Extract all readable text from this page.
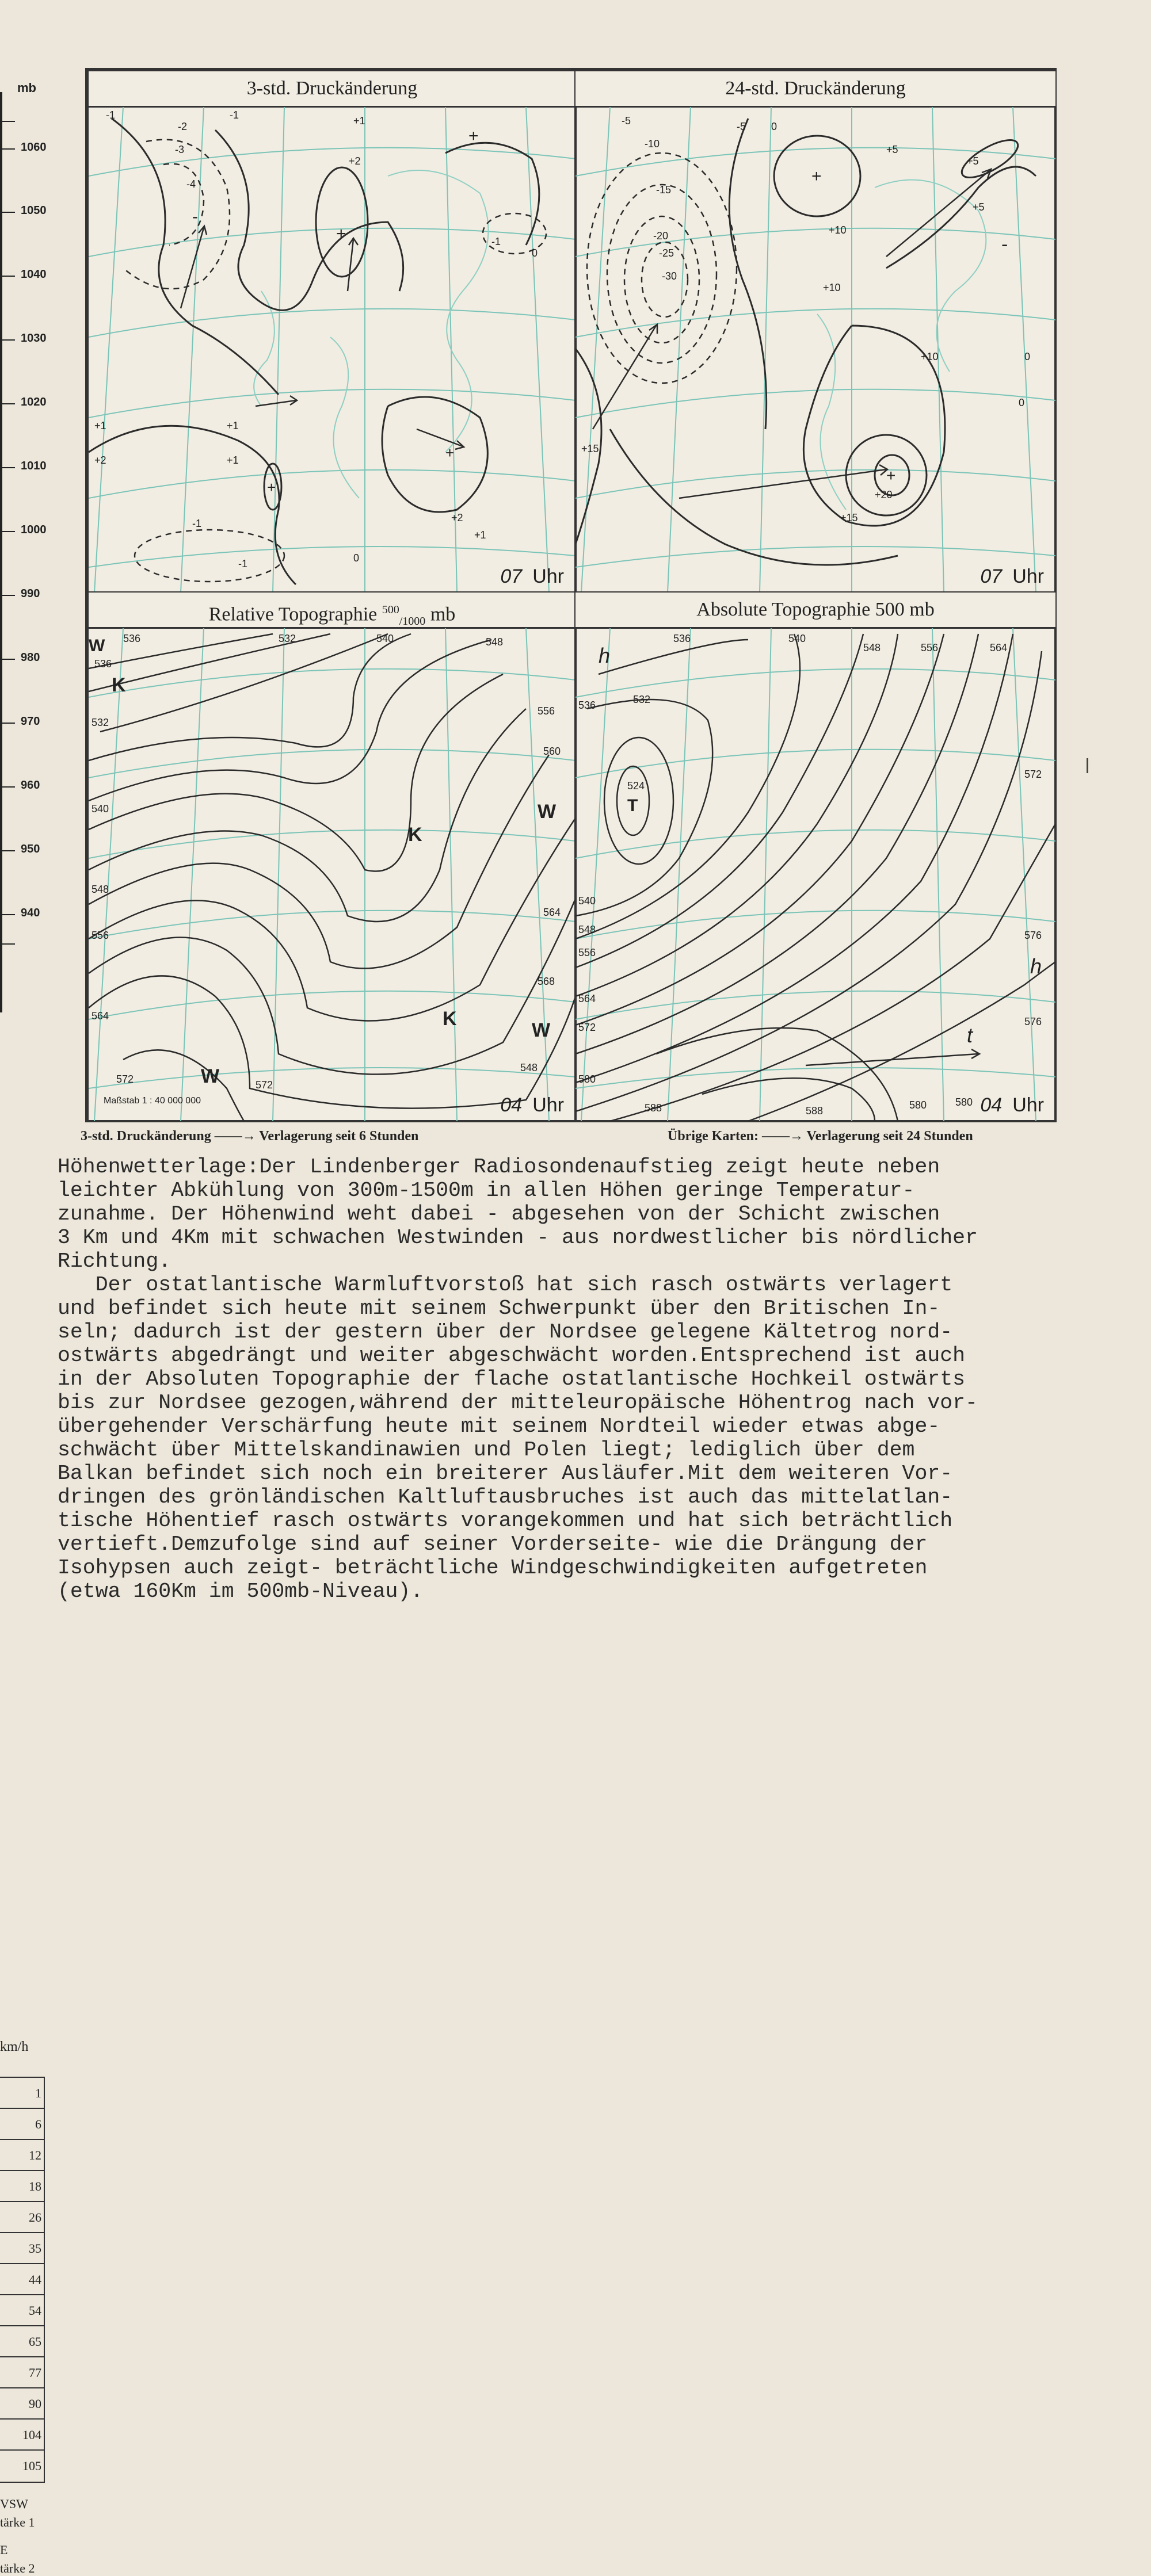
mb
1060
1050
1040
1030
1020
1010
1000
990
980
970
960
950
940
km/h
1
6
12
18
26
35
44
54
65
77
90
104
105
VSW
tärke 1
E
tärke 2
3-std. Druckänderung
-1
-2
-3
-4
+1
+2
-1
+
+
+
+
-
-1
0
+1
+2
+1
+1
+2
+1
0
-1
-1
07 Uhr
24-std. Druckänderung
-5
-10
-15
-20
-25
-30
-5 0
+5
+10
+5
0
+10
+15
+20
+15
0
+
+
-
+10
+5
07 Uhr
Relative Topographie $^{500}_{/1000}$ mb
536	532	540	548
536
532
556
540
560
548
564
556
568
564
572	572
548
W
K
K
W
K
W
W
Maßstab 1 : 40 000 000	04 Uhr
Absolute Topographie 500 mb
536	540
548	556	564
536	532
572
524
540
548
556
564
572
580
576
576
580
588	588	580
h
T
h
t
04 Uhr
3-std. Druckänderung ——→ Verlagerung seit 6 Stunden	Übrige Karten: ——→ Verlagerung seit 24 Stunden

Höhenwetterlage:Der Lindenberger Radiosondenaufstieg zeigt heute neben
leichter Abkühlung von 300m-1500m in allen Höhen geringe Temperatur-
zunahme. Der Höhenwind weht dabei - abgesehen von der Schicht zwischen
3 Km und 4Km mit schwachen Westwinden - aus nordwestlicher bis nördlicher
Richtung.

Der ostatlantische Warmluftvorstoß hat sich rasch ostwärts verlagert
und befindet sich heute mit seinem Schwerpunkt über den Britischen In-
seln; dadurch ist der gestern über der Nordsee gelegene Kältetrog nord-
ostwärts abgedrängt und weiter abgeschwächt worden.Entsprechend ist auch
in der Absoluten Topographie der flache ostatlantische Hochkeil ostwärts
bis zur Nordsee gezogen,während der mitteleuropäische Höhentrog nach vor-
übergehender Verschärfung heute mit seinem Nordteil wieder etwas abge-
schwächt über Mittelskandinawien und Polen liegt; lediglich über dem
Balkan befindet sich noch ein breiterer Ausläufer.Mit dem weiteren Vor-
dringen des grönländischen Kaltluftausbruches ist auch das mittelatlan-
tische Höhentief rasch ostwärts vorangekommen und hat sich beträchtlich
vertieft.Demzufolge sind auf seiner Vorderseite- wie die Drängung der
Isohypsen auch zeigt- beträchtliche Windgeschwindigkeiten aufgetreten
(etwa 160Km im 500mb-Niveau).
